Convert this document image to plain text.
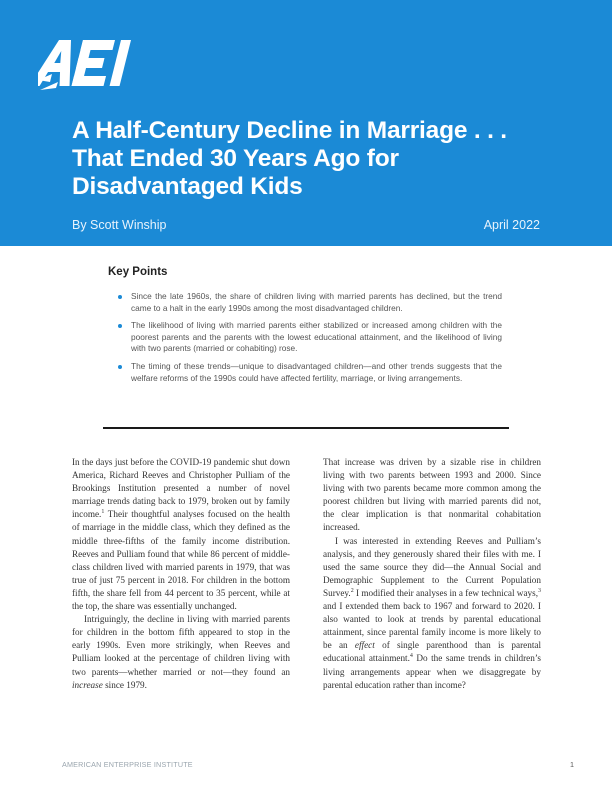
A Half-Century Decline in Marriage . . . That Ended 30 Years Ago for Disadvantaged Kids
By Scott Winship	April 2022
Key Points
Since the late 1960s, the share of children living with married parents has declined, but the trend came to a halt in the early 1990s among the most disadvantaged children.
The likelihood of living with married parents either stabilized or increased among children with the poorest parents and the parents with the lowest educational attainment, and the likelihood of living with two parents (married or cohabiting) rose.
The timing of these trends—unique to disadvantaged children—and other trends suggests that the welfare reforms of the 1990s could have affected fertility, marriage, or living arrangements.

In the days just before the COVID-19 pandemic shut down America, Richard Reeves and Christopher Pulliam of the Brookings Institution presented a number of novel marriage trends dating back to 1979, broken out by family income.$^1$ Their thoughtful analyses focused on the health of marriage in the middle class, which they defined as the middle three-fifths of the family income distribution. Reeves and Pulliam found that while 86 percent of middle-class children lived with married parents in 1979, that was true of just 75 percent in 2018. For children in the bottom fifth, the share fell from 44 percent to 35 percent, while at the top, the share was essentially unchanged.

Intriguingly, the decline in living with married parents for children in the bottom fifth appeared to stop in the early 1990s. Even more strikingly, when Reeves and Pulliam looked at the percentage of children living with two parents—whether married or not—they found an increase since 1979.

That increase was driven by a sizable rise in children living with two parents between 1993 and 2000. Since living with two parents became more common among the poorest children but living with married parents did not, the clear implication is that nonmarital cohabitation increased.

I was interested in extending Reeves and Pulliam’s analysis, and they generously shared their files with me. I used the same source they did—the Annual Social and Demographic Supplement to the Current Population Survey.$^2$ I modified their analyses in a few technical ways,$^3$ and I extended them back to 1967 and forward to 2020. I also wanted to look at trends by parental educational attainment, since parental family income is more likely to be an effect of single parenthood than is parental educational attainment.$^4$ Do the same trends in children’s living arrangements appear when we disaggregate by parental education rather than income?

AMERICAN ENTERPRISE INSTITUTE	1
